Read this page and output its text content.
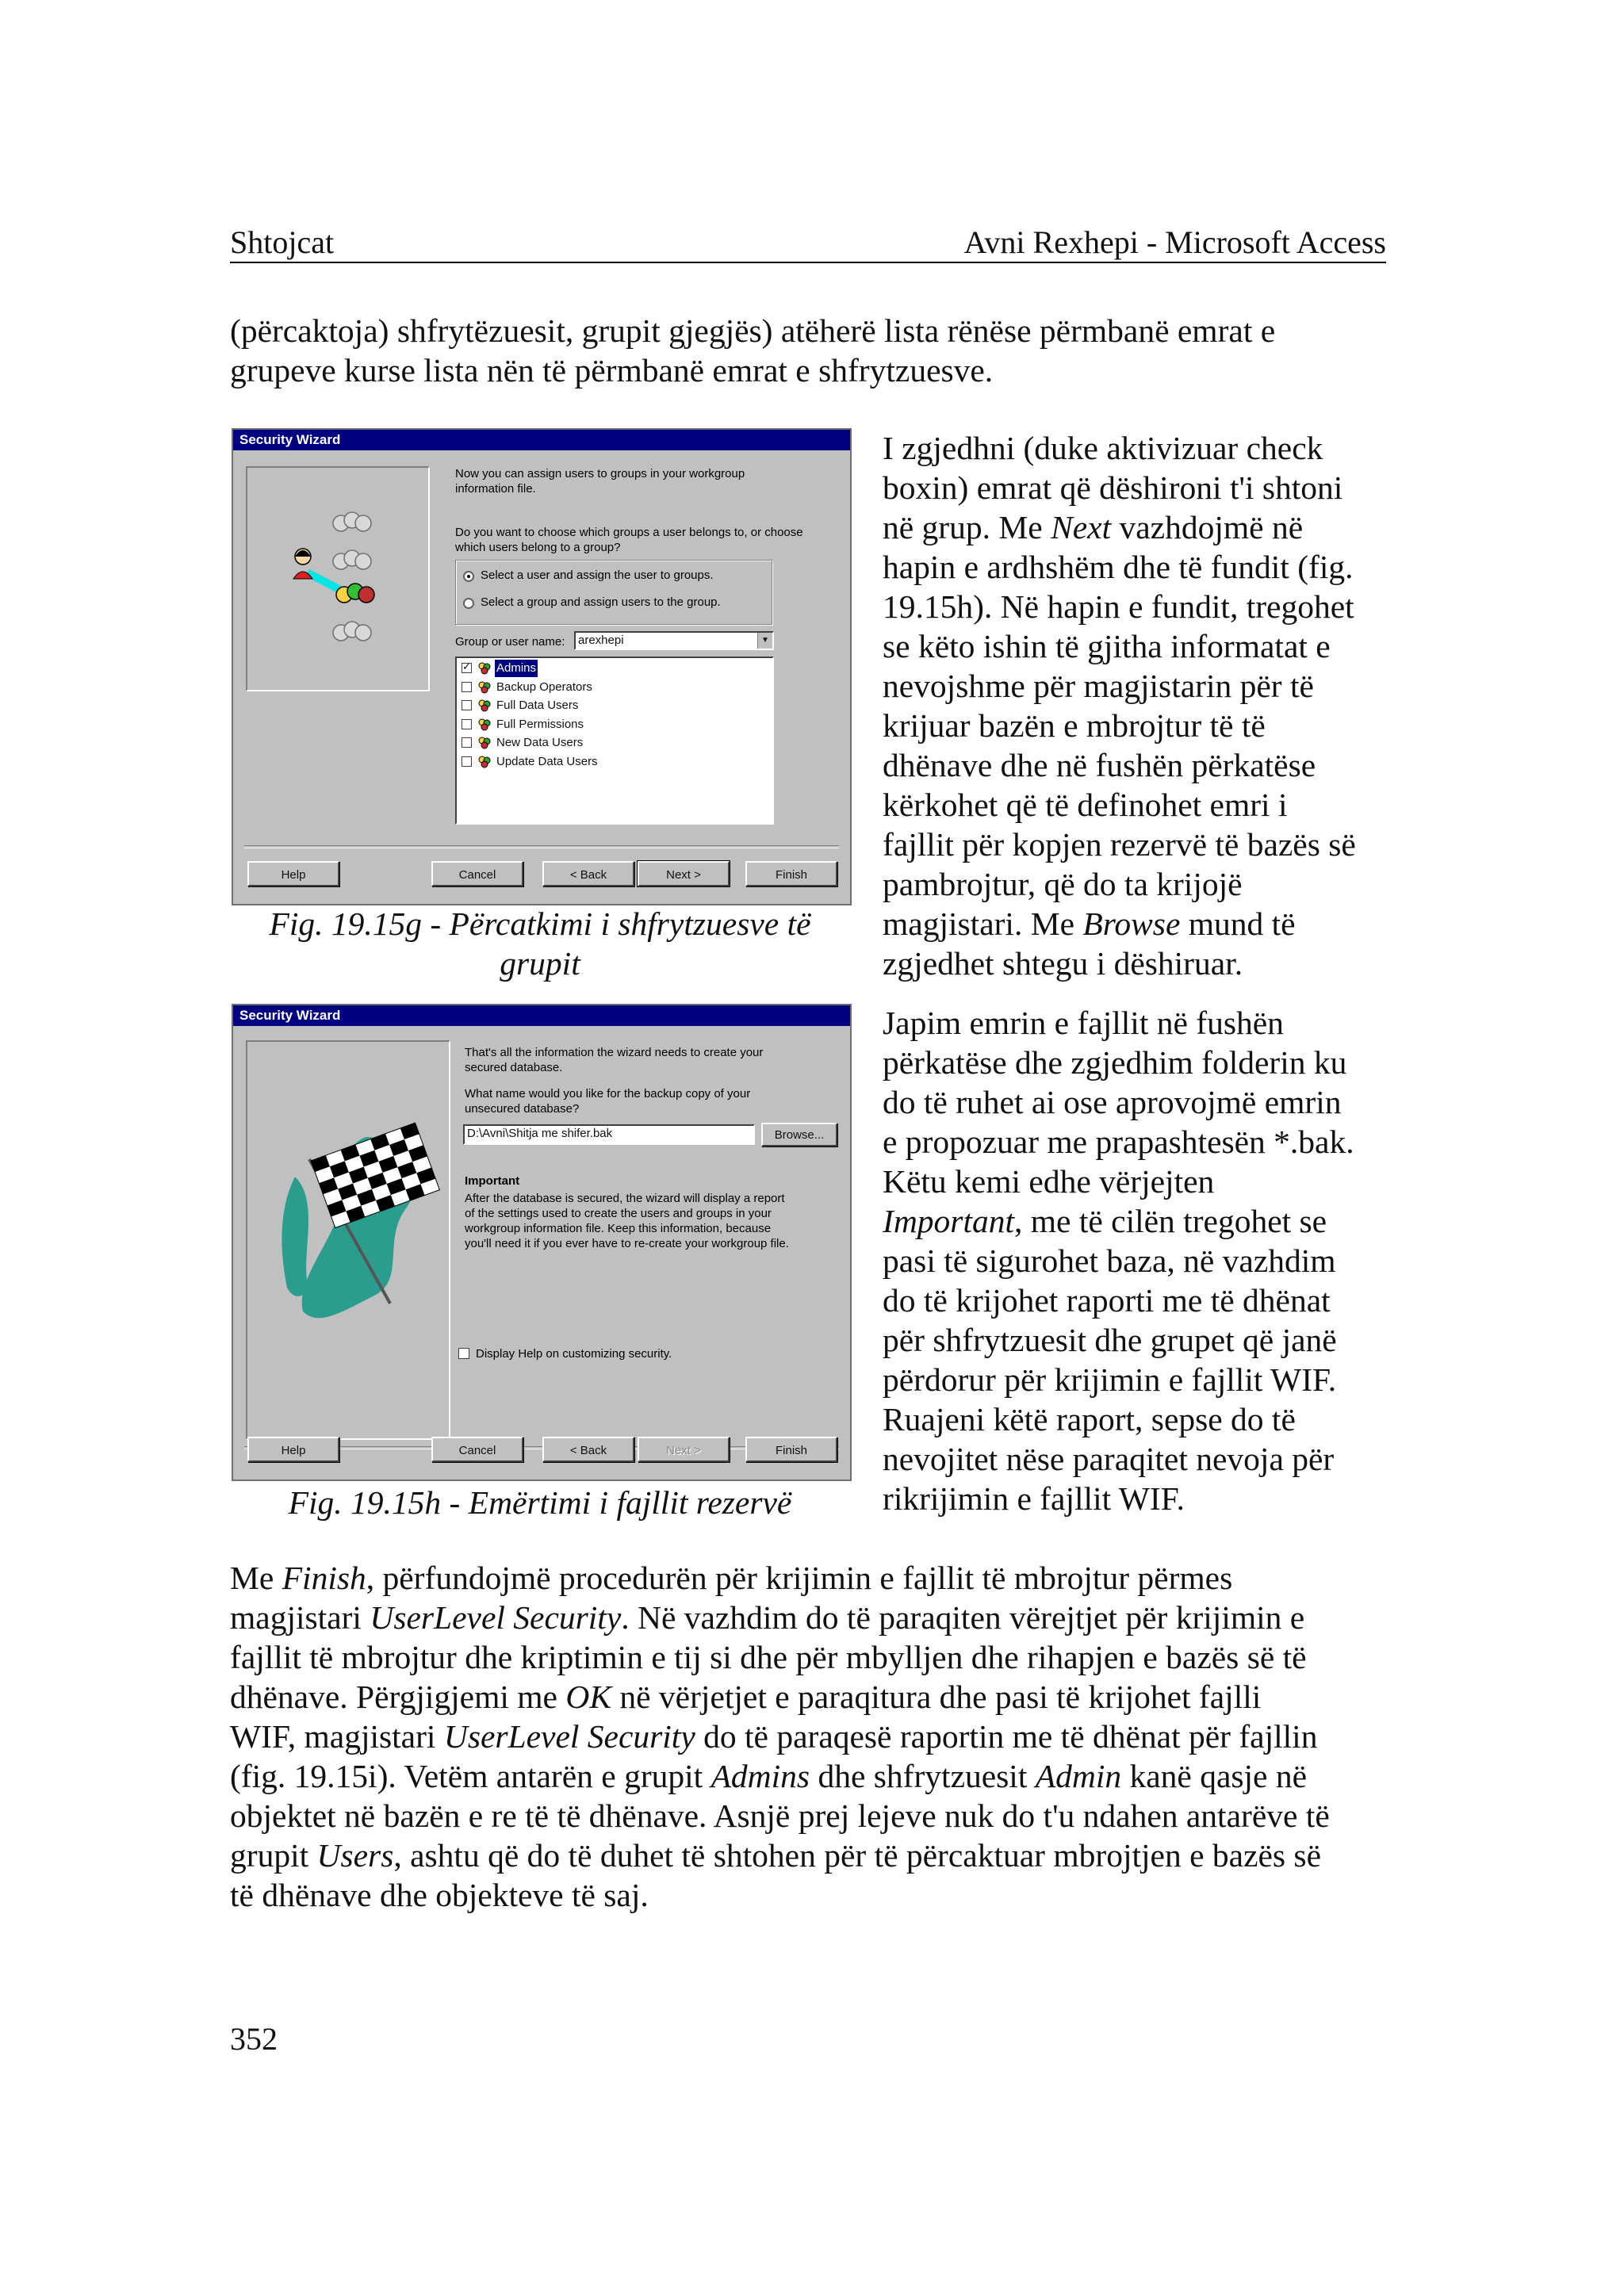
Shtojcat	Avni Rexhepi - Microsoft Access

(përcaktoja) shfrytëzuesit, grupit gjegjës) atëherë lista rënëse përmbanë emrat e

grupeve kurse lista nën të përmbanë emrat e shfrytzuesve.

Security Wizard
Now you can assign users to groups in your workgroup
information file.
Do you want to choose which groups a user belongs to, or choose
which users belong to a group?
Select a user and assign the user to groups.
Select a group and assign users to the group.
Group or user name:	arexhepi	▼
✓
Admins
Backup Operators
Full Data Users
Full Permissions
New Data Users
Update Data Users
Help	Cancel	< Back	Next >	Finish
Fig. 19.15g - Përcatkimi i shfrytzuesve të
grupit
Security Wizard
That's all the information the wizard needs to create your
secured database.
What name would you like for the backup copy of your
unsecured database?
D:\Avni\Shitja me shifer.bak	Browse...
Important
After the database is secured, the wizard will display a report
of the settings used to create the users and groups in your
workgroup information file. Keep this information, because
you'll need it if you ever have to re-create your workgroup file.
Display Help on customizing security.
Help	Cancel	< Back	Next >	Finish
Fig. 19.15h - Emërtimi i fajllit rezervë
I zgjedhni (duke aktivizuar check
boxin) emrat që dëshironi t'i shtoni
në grup. Me Next vazhdojmë në
hapin e ardhshëm dhe të fundit (fig.
19.15h). Në hapin e fundit, tregohet
se këto ishin të gjitha informatat e
nevojshme për magjistarin për të
krijuar bazën e mbrojtur të të
dhënave dhe në fushën përkatëse
kërkohet që të definohet emri i
fajllit për kopjen rezervë të bazës së
pambrojtur, që do ta krijojë
magjistari. Me Browse mund të
zgjedhet shtegu i dëshiruar.
Japim emrin e fajllit në fushën
përkatëse dhe zgjedhim folderin ku
do të ruhet ai ose aprovojmë emrin
e propozuar me prapashtesën *.bak.
Këtu kemi edhe vërjejten
Important, me të cilën tregohet se
pasi të sigurohet baza, në vazhdim
do të krijohet raporti me të dhënat
për shfrytzuesit dhe grupet që janë
përdorur për krijimin e fajllit WIF.
Ruajeni këtë raport, sepse do të
nevojitet nëse paraqitet nevoja për
rikrijimin e fajllit WIF.
Me Finish, përfundojmë procedurën për krijimin e fajllit të mbrojtur përmes
magjistari UserLevel Security. Në vazhdim do të paraqiten vërejtjet për krijimin e
fajllit të mbrojtur dhe kriptimin e tij si dhe për mbylljen dhe rihapjen e bazës së të
dhënave. Përgjigjemi me OK në vërjetjet e paraqitura dhe pasi të krijohet fajlli
WIF, magjistari UserLevel Security do të paraqesë raportin me të dhënat për fajllin
(fig. 19.15i). Vetëm antarën e grupit Admins dhe shfrytzuesit Admin kanë qasje në
objektet në bazën e re të të dhënave. Asnjë prej lejeve nuk do t'u ndahen antarëve të
grupit Users, ashtu që do të duhet të shtohen për të përcaktuar mbrojtjen e bazës së
të dhënave dhe objekteve të saj.
352
